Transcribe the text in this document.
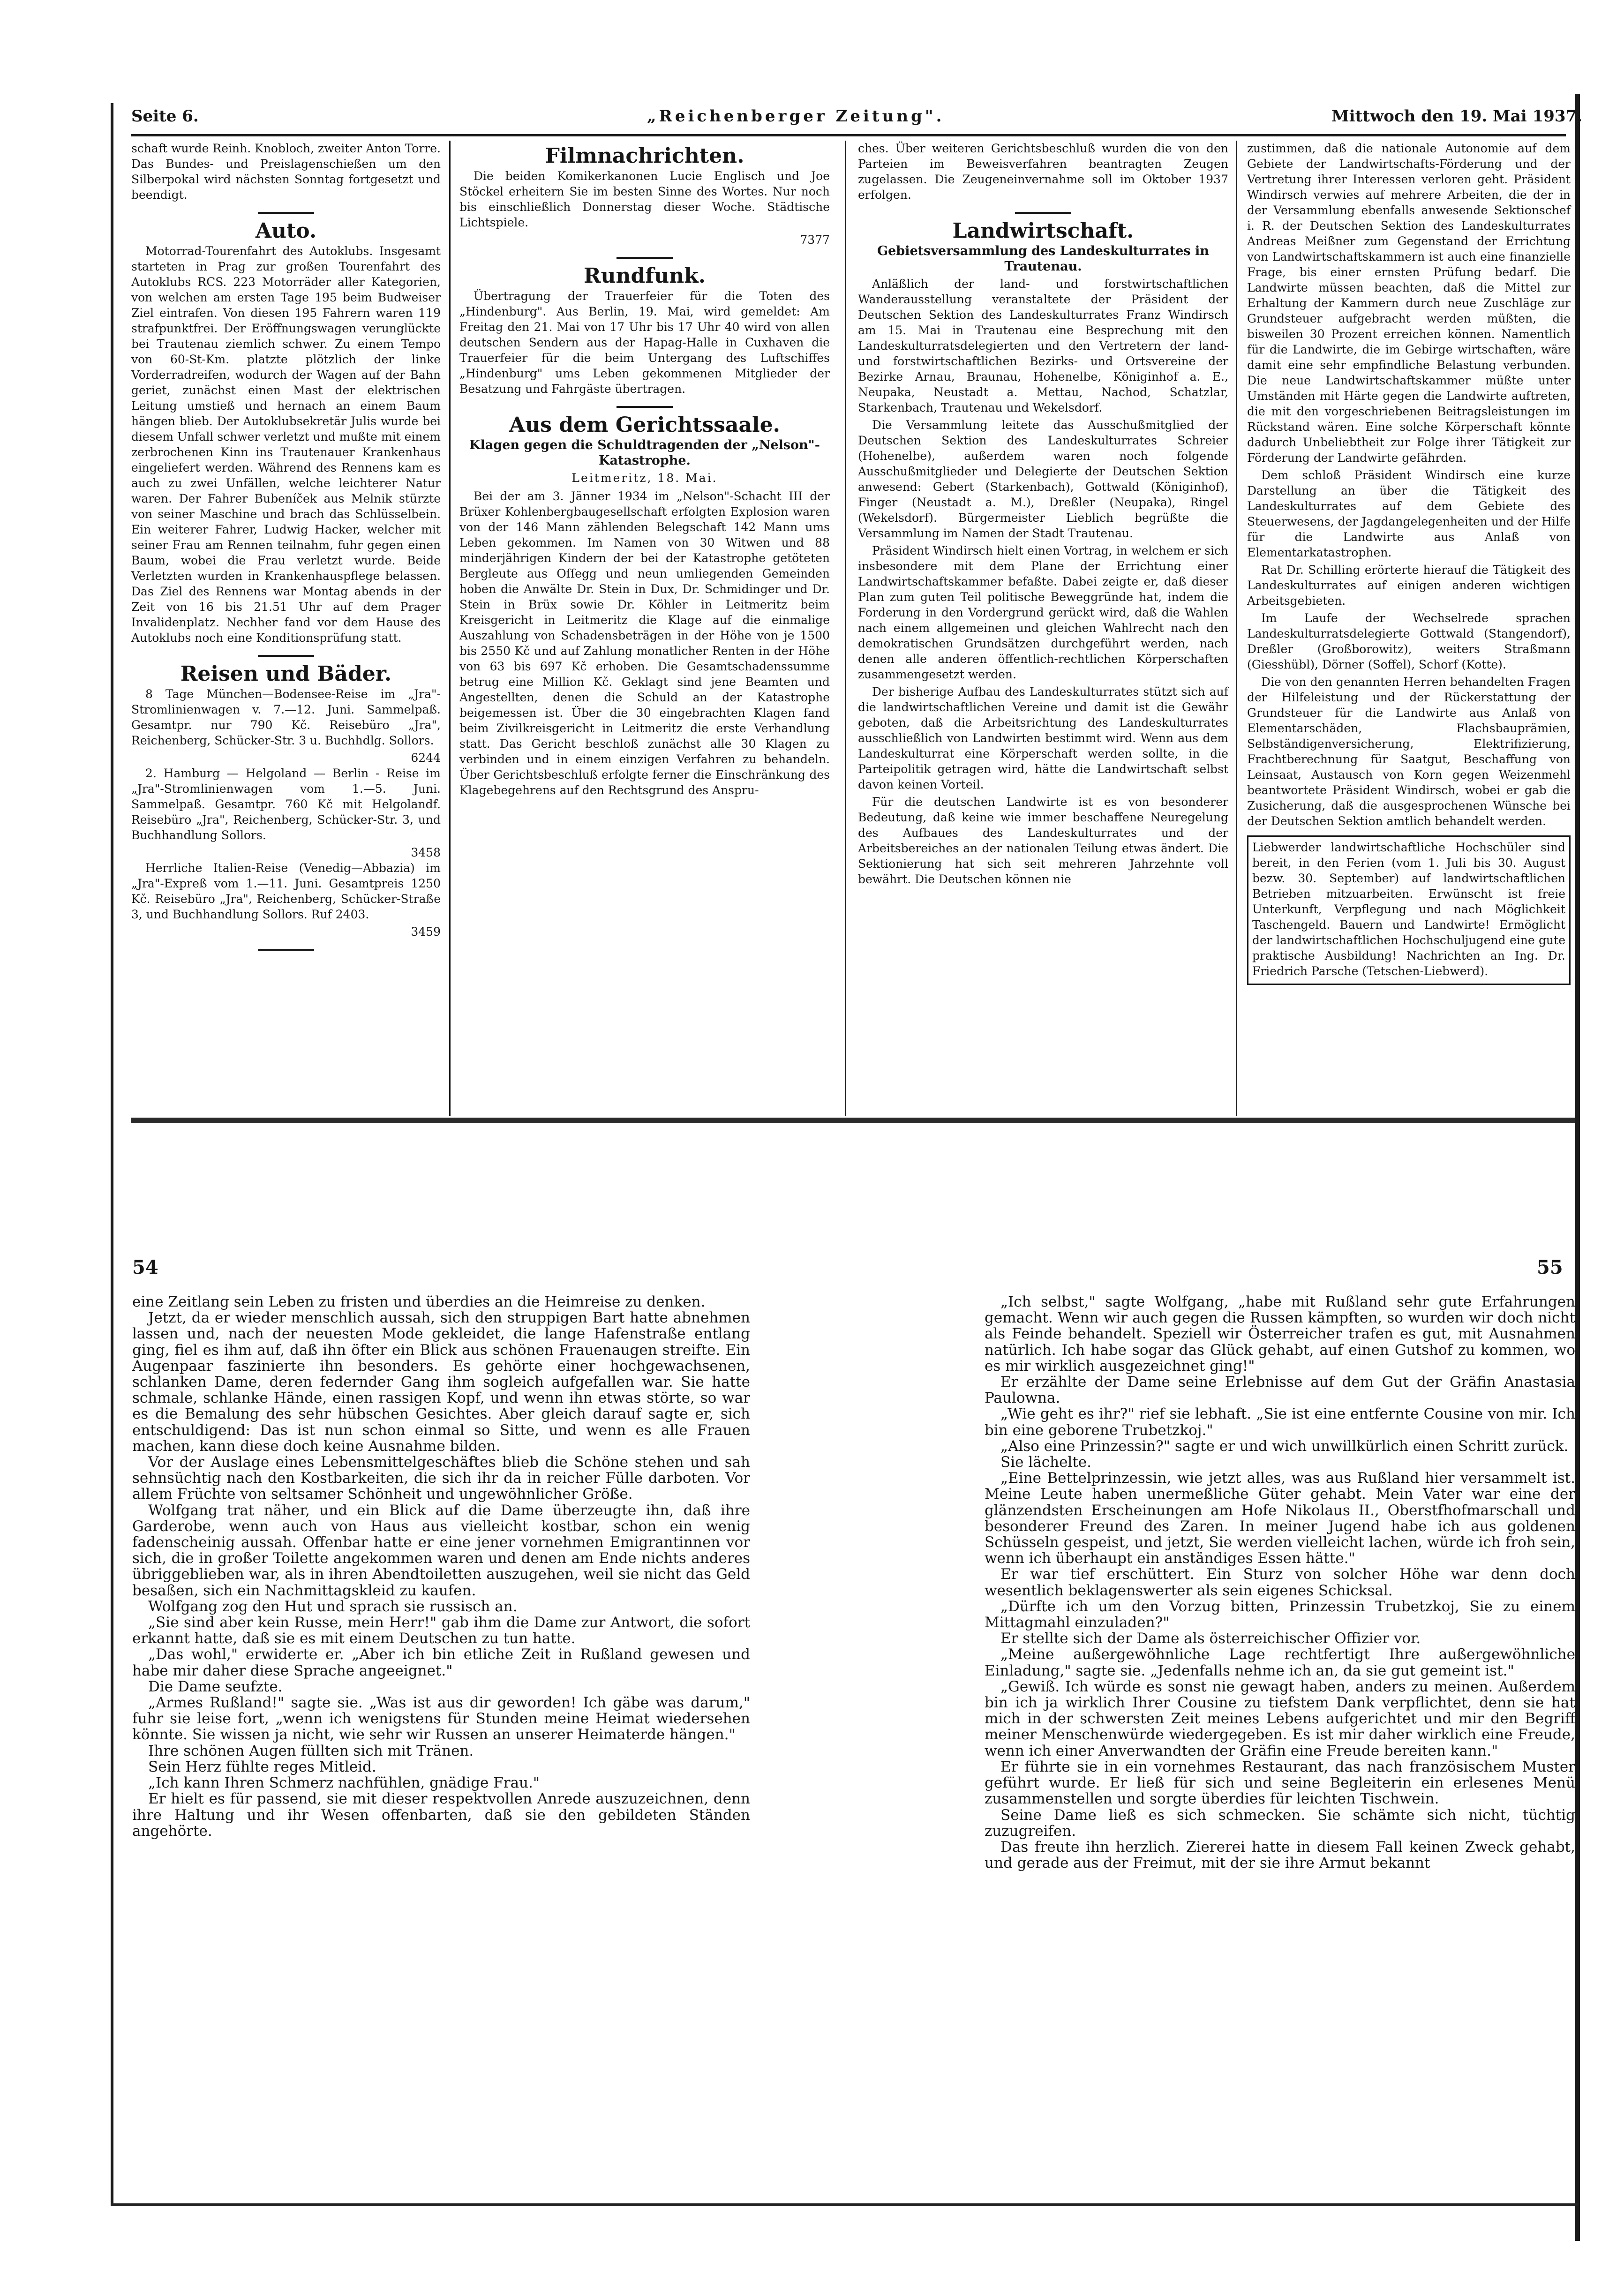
Seite 6.	„Reichenberger Zeitung".	Mittwoch den 19. Mai 1937.

schaft wurde Reinh. Knobloch, zweiter Anton Torre. Das Bundes- und Preislagenschießen um den Silberpokal wird nächsten Sonntag fortgesetzt und beendigt.

Auto.

Motorrad-Tourenfahrt des Autoklubs. Insgesamt starteten in Prag zur großen Tourenfahrt des Autoklubs RCS. 223 Motorräder aller Kategorien, von welchen am ersten Tage 195 beim Budweiser Ziel eintrafen. Von diesen 195 Fahrern waren 119 strafpunktfrei. Der Eröffnungswagen verunglückte bei Trautenau ziemlich schwer. Zu einem Tempo von 60-St-Km. platzte plötzlich der linke Vorderradreifen, wodurch der Wagen auf der Bahn geriet, zunächst einen Mast der elektrischen Leitung umstieß und hernach an einem Baum hängen blieb. Der Autoklubsekretär Julis wurde bei diesem Unfall schwer verletzt und mußte mit einem zerbrochenen Kinn ins Trautenauer Krankenhaus eingeliefert werden. Während des Rennens kam es auch zu zwei Unfällen, welche leichterer Natur waren. Der Fahrer Bubeníček aus Melnik stürzte von seiner Maschine und brach das Schlüsselbein. Ein weiterer Fahrer, Ludwig Hacker, welcher mit seiner Frau am Rennen teilnahm, fuhr gegen einen Baum, wobei die Frau verletzt wurde. Beide Verletzten wurden in Krankenhauspflege belassen. Das Ziel des Rennens war Montag abends in der Zeit von 16 bis 21.51 Uhr auf dem Prager Invalidenplatz. Nechher fand vor dem Hause des Autoklubs noch eine Konditionsprüfung statt.

Reisen und Bäder.

8 Tage München—Bodensee-Reise im „Jra"-Stromlinienwagen v. 7.—12. Juni. Sammelpaß. Gesamtpr. nur 790 Kč. Reisebüro „Jra", Reichenberg, Schücker-Str. 3 u. Buchhdlg. Sollors.

6244

2. Hamburg — Helgoland — Berlin - Reise im „Jra"-Stromlinienwagen vom 1.—5. Juni. Sammelpaß. Gesamtpr. 760 Kč mit Helgolandf. Reisebüro „Jra", Reichenberg, Schücker-Str. 3, und Buchhandlung Sollors.

3458

Herrliche Italien-Reise (Venedig—Abbazia) im „Jra"-Expreß vom 1.—11. Juni. Gesamtpreis 1250 Kč. Reisebüro „Jra", Reichenberg, Schücker-Straße 3, und Buchhandlung Sollors. Ruf 2403.

3459

Filmnachrichten.

Die beiden Komikerkanonen Lucie Englisch und Joe Stöckel erheitern Sie im besten Sinne des Wortes. Nur noch bis einschließlich Donnerstag dieser Woche. Städtische Lichtspiele.

7377

Rundfunk.

Übertragung der Trauerfeier für die Toten des „Hindenburg". Aus Berlin, 19. Mai, wird gemeldet: Am Freitag den 21. Mai von 17 Uhr bis 17 Uhr 40 wird von allen deutschen Sendern aus der Hapag-Halle in Cuxhaven die Trauerfeier für die beim Untergang des Luftschiffes „Hindenburg" ums Leben gekommenen Mitglieder der Besatzung und Fahrgäste übertragen.

Aus dem Gerichtssaale.
Klagen gegen die Schuldtragenden der „Nelson"-Katastrophe.
Leitmeritz, 18. Mai.

Bei der am 3. Jänner 1934 im „Nelson"-Schacht III der Brüxer Kohlenbergbaugesellschaft erfolgten Explosion waren von der 146 Mann zählenden Belegschaft 142 Mann ums Leben gekommen. Im Namen von 30 Witwen und 88 minderjährigen Kindern der bei der Katastrophe getöteten Bergleute aus Oſſegg und neun umliegenden Gemeinden hoben die Anwälte Dr. Stein in Dux, Dr. Schmidinger und Dr. Stein in Brüx sowie Dr. Köhler in Leitmeritz beim Kreisgericht in Leitmeritz die Klage auf die einmalige Auszahlung von Schadensbeträgen in der Höhe von je 1500 bis 2550 Kč und auf Zahlung monatlicher Renten in der Höhe von 63 bis 697 Kč erhoben. Die Gesamtschadenssumme betrug eine Million Kč. Geklagt sind jene Beamten und Angestellten, denen die Schuld an der Katastrophe beigemessen ist. Über die 30 eingebrachten Klagen fand beim Zivilkreisgericht in Leitmeritz die erste Verhandlung statt. Das Gericht beschloß zunächst alle 30 Klagen zu verbinden und in einem einzigen Verfahren zu behandeln. Über Gerichtsbeschluß erfolgte ferner die Einschränkung des Klagebegehrens auf den Rechtsgrund des Anspru-

ches. Über weiteren Gerichtsbeschluß wurden die von den Parteien im Beweisverfahren beantragten Zeugen zugelassen. Die Zeugeneinvernahme soll im Oktober 1937 erfolgen.

Landwirtschaft.
Gebietsversammlung des Landeskulturrates in Trautenau.

Anläßlich der land- und forstwirtschaftlichen Wanderausstellung veranstaltete der Präsident der Deutschen Sektion des Landeskulturrates Franz Windirsch am 15. Mai in Trautenau eine Besprechung mit den Landeskulturratsdelegierten und den Vertretern der land- und forstwirtschaftlichen Bezirks- und Ortsvereine der Bezirke Arnau, Braunau, Hohenelbe, Königinhof a. E., Neupaka, Neustadt a. Mettau, Nachod, Schatzlar, Starkenbach, Trautenau und Wekelsdorf.

Die Versammlung leitete das Ausschußmitglied der Deutschen Sektion des Landeskulturrates Schreier (Hohenelbe), außerdem waren noch folgende Ausschußmitglieder und Delegierte der Deutschen Sektion anwesend: Gebert (Starkenbach), Gottwald (Königinhof), Finger (Neustadt a. M.), Dreßler (Neupaka), Ringel (Wekelsdorf). Bürgermeister Lieblich begrüßte die Versammlung im Namen der Stadt Trautenau.

Präsident Windirsch hielt einen Vortrag, in welchem er sich insbesondere mit dem Plane der Errichtung einer Landwirtschaftskammer befaßte. Dabei zeigte er, daß dieser Plan zum guten Teil politische Beweggründe hat, indem die Forderung in den Vordergrund gerückt wird, daß die Wahlen nach einem allgemeinen und gleichen Wahlrecht nach den demokratischen Grundsätzen durchgeführt werden, nach denen alle anderen öffentlich-rechtlichen Körperschaften zusammengesetzt werden.

Der bisherige Aufbau des Landeskulturrates stützt sich auf die landwirtschaftlichen Vereine und damit ist die Gewähr geboten, daß die Arbeitsrichtung des Landeskulturrates ausschließlich von Landwirten bestimmt wird. Wenn aus dem Landeskulturrat eine Körperschaft werden sollte, in die Parteipolitik getragen wird, hätte die Landwirtschaft selbst davon keinen Vorteil.

Für die deutschen Landwirte ist es von besonderer Bedeutung, daß keine wie immer beschaffene Neuregelung des Aufbaues des Landeskulturrates und der Arbeitsbereiches an der nationalen Teilung etwas ändert. Die Sektionierung hat sich seit mehreren Jahrzehnte voll bewährt. Die Deutschen können nie

zustimmen, daß die nationale Autonomie auf dem Gebiete der Landwirtschafts-Förderung und der Vertretung ihrer Interessen verloren geht. Präsident Windirsch verwies auf mehrere Arbeiten, die der in der Versammlung ebenfalls anwesende Sektionschef i. R. der Deutschen Sektion des Landeskulturrates Andreas Meißner zum Gegenstand der Errichtung von Landwirtschaftskammern ist auch eine finanzielle Frage, bis einer ernsten Prüfung bedarf. Die Landwirte müssen beachten, daß die Mittel zur Erhaltung der Kammern durch neue Zuschläge zur Grundsteuer aufgebracht werden müßten, die bisweilen 30 Prozent erreichen können. Namentlich für die Landwirte, die im Gebirge wirtschaften, wäre damit eine sehr empfindliche Belastung verbunden. Die neue Landwirtschaftskammer müßte unter Umständen mit Härte gegen die Landwirte auftreten, die mit den vorgeschriebenen Beitragsleistungen im Rückstand wären. Eine solche Körperschaft könnte dadurch Unbeliebtheit zur Folge ihrer Tätigkeit zur Förderung der Landwirte gefährden.

Dem schloß Präsident Windirsch eine kurze Darstellung an über die Tätigkeit des Landeskulturrates auf dem Gebiete des Steuerwesens, der Jagdangelegenheiten und der Hilfe für die Landwirte aus Anlaß von Elementarkatastrophen.

Rat Dr. Schilling erörterte hierauf die Tätigkeit des Landeskulturrates auf einigen anderen wichtigen Arbeitsgebieten.

Im Laufe der Wechselrede sprachen Landeskulturratsdelegierte Gottwald (Stangendorf), Dreßler (Großborowitz), weiters Straßmann (Giesshübl), Dörner (Soffel), Schorf (Kotte).

Die von den genannten Herren behandelten Fragen der Hilfeleistung und der Rückerstattung der Grundsteuer für die Landwirte aus Anlaß von Elementarschäden, Flachsbauprämien, Selbständigenversicherung, Elektrifizierung, Frachtberechnung für Saatgut, Beschaffung von Leinsaat, Austausch von Korn gegen Weizenmehl beantwortete Präsident Windirsch, wobei er gab die Zusicherung, daß die ausgesprochenen Wünsche bei der Deutschen Sektion amtlich behandelt werden.

Liebwerder landwirtschaftliche Hochschüler sind bereit, in den Ferien (vom 1. Juli bis 30. August bezw. 30. September) auf landwirtschaftlichen Betrieben mitzuarbeiten. Erwünscht ist freie Unterkunft, Verpflegung und nach Möglichkeit Taschengeld. Bauern und Landwirte! Ermöglicht der landwirtschaftlichen Hochschuljugend eine gute praktische Ausbildung! Nachrichten an Ing. Dr. Friedrich Parsche (Tetschen-Liebwerd).

54	55

eine Zeitlang sein Leben zu fristen und überdies an die Heimreise zu denken.

Jetzt, da er wieder menschlich aussah, sich den struppigen Bart hatte abnehmen lassen und, nach der neuesten Mode gekleidet, die lange Hafenstraße entlang ging, fiel es ihm auf, daß ihn öfter ein Blick aus schönen Frauenaugen streifte. Ein Augenpaar faszinierte ihn besonders. Es gehörte einer hochgewachsenen, schlanken Dame, deren federnder Gang ihm sogleich aufgefallen war. Sie hatte schmale, schlanke Hände, einen rassigen Kopf, und wenn ihn etwas störte, so war es die Bemalung des sehr hübschen Gesichtes. Aber gleich darauf sagte er, sich entschuldigend: Das ist nun schon einmal so Sitte, und wenn es alle Frauen machen, kann diese doch keine Ausnahme bilden.

Vor der Auslage eines Lebensmittelgeschäftes blieb die Schöne stehen und sah sehnsüchtig nach den Kostbarkeiten, die sich ihr da in reicher Fülle darboten. Vor allem Früchte von seltsamer Schönheit und ungewöhnlicher Größe.

Wolfgang trat näher, und ein Blick auf die Dame überzeugte ihn, daß ihre Garderobe, wenn auch von Haus aus vielleicht kostbar, schon ein wenig fadenscheinig aussah. Offenbar hatte er eine jener vornehmen Emigrantinnen vor sich, die in großer Toilette angekommen waren und denen am Ende nichts anderes übriggeblieben war, als in ihren Abendtoiletten auszugehen, weil sie nicht das Geld besaßen, sich ein Nachmittagskleid zu kaufen.

Wolfgang zog den Hut und sprach sie russisch an.

„Sie sind aber kein Russe, mein Herr!" gab ihm die Dame zur Antwort, die sofort erkannt hatte, daß sie es mit einem Deutschen zu tun hatte.

„Das wohl," erwiderte er. „Aber ich bin etliche Zeit in Rußland gewesen und habe mir daher diese Sprache angeeignet."

Die Dame seufzte.

„Armes Rußland!" sagte sie. „Was ist aus dir geworden! Ich gäbe was darum," fuhr sie leise fort, „wenn ich wenigstens für Stunden meine Heimat wiedersehen könnte. Sie wissen ja nicht, wie sehr wir Russen an unserer Heimaterde hängen."

Ihre schönen Augen füllten sich mit Tränen.

Sein Herz fühlte reges Mitleid.

„Ich kann Ihren Schmerz nachfühlen, gnädige Frau."

Er hielt es für passend, sie mit dieser respektvollen Anrede auszuzeichnen, denn ihre Haltung und ihr Wesen offenbarten, daß sie den gebildeten Ständen angehörte.

„Ich selbst," sagte Wolfgang, „habe mit Rußland sehr gute Erfahrungen gemacht. Wenn wir auch gegen die Russen kämpften, so wurden wir doch nicht als Feinde behandelt. Speziell wir Österreicher trafen es gut, mit Ausnahmen natürlich. Ich habe sogar das Glück gehabt, auf einen Gutshof zu kommen, wo es mir wirklich ausgezeichnet ging!"

Er erzählte der Dame seine Erlebnisse auf dem Gut der Gräfin Anastasia Paulowna.

„Wie geht es ihr?" rief sie lebhaft. „Sie ist eine entfernte Cousine von mir. Ich bin eine geborene Trubetzkoj."

„Also eine Prinzessin?" sagte er und wich unwillkürlich einen Schritt zurück.

Sie lächelte.

„Eine Bettelprinzessin, wie jetzt alles, was aus Rußland hier versammelt ist. Meine Leute haben unermeßliche Güter gehabt. Mein Vater war eine der glänzendsten Erscheinungen am Hofe Nikolaus II., Oberstfhofmarschall und besonderer Freund des Zaren. In meiner Jugend habe ich aus goldenen Schüsseln gespeist, und jetzt, Sie werden vielleicht lachen, würde ich froh sein, wenn ich überhaupt ein anständiges Essen hätte."

Er war tief erschüttert. Ein Sturz von solcher Höhe war denn doch wesentlich beklagenswerter als sein eigenes Schicksal.

„Dürfte ich um den Vorzug bitten, Prinzessin Trubetzkoj, Sie zu einem Mittagmahl einzuladen?"

Er stellte sich der Dame als österreichischer Offizier vor.

„Meine außergewöhnliche Lage rechtfertigt Ihre außergewöhnliche Einladung," sagte sie. „Jedenfalls nehme ich an, da sie gut gemeint ist."

„Gewiß. Ich würde es sonst nie gewagt haben, anders zu meinen. Außerdem bin ich ja wirklich Ihrer Cousine zu tiefstem Dank verpflichtet, denn sie hat mich in der schwersten Zeit meines Lebens aufgerichtet und mir den Begriff meiner Menschenwürde wiedergegeben. Es ist mir daher wirklich eine Freude, wenn ich einer Anverwandten der Gräfin eine Freude bereiten kann."

Er führte sie in ein vornehmes Restaurant, das nach französischem Muster geführt wurde. Er ließ für sich und seine Begleiterin ein erlesenes Menü zusammenstellen und sorgte überdies für leichten Tischwein.

Seine Dame ließ es sich schmecken. Sie schämte sich nicht, tüchtig zuzugreifen.

Das freute ihn herzlich. Ziererei hatte in diesem Fall keinen Zweck gehabt, und gerade aus der Freimut, mit der sie ihre Armut bekannt
